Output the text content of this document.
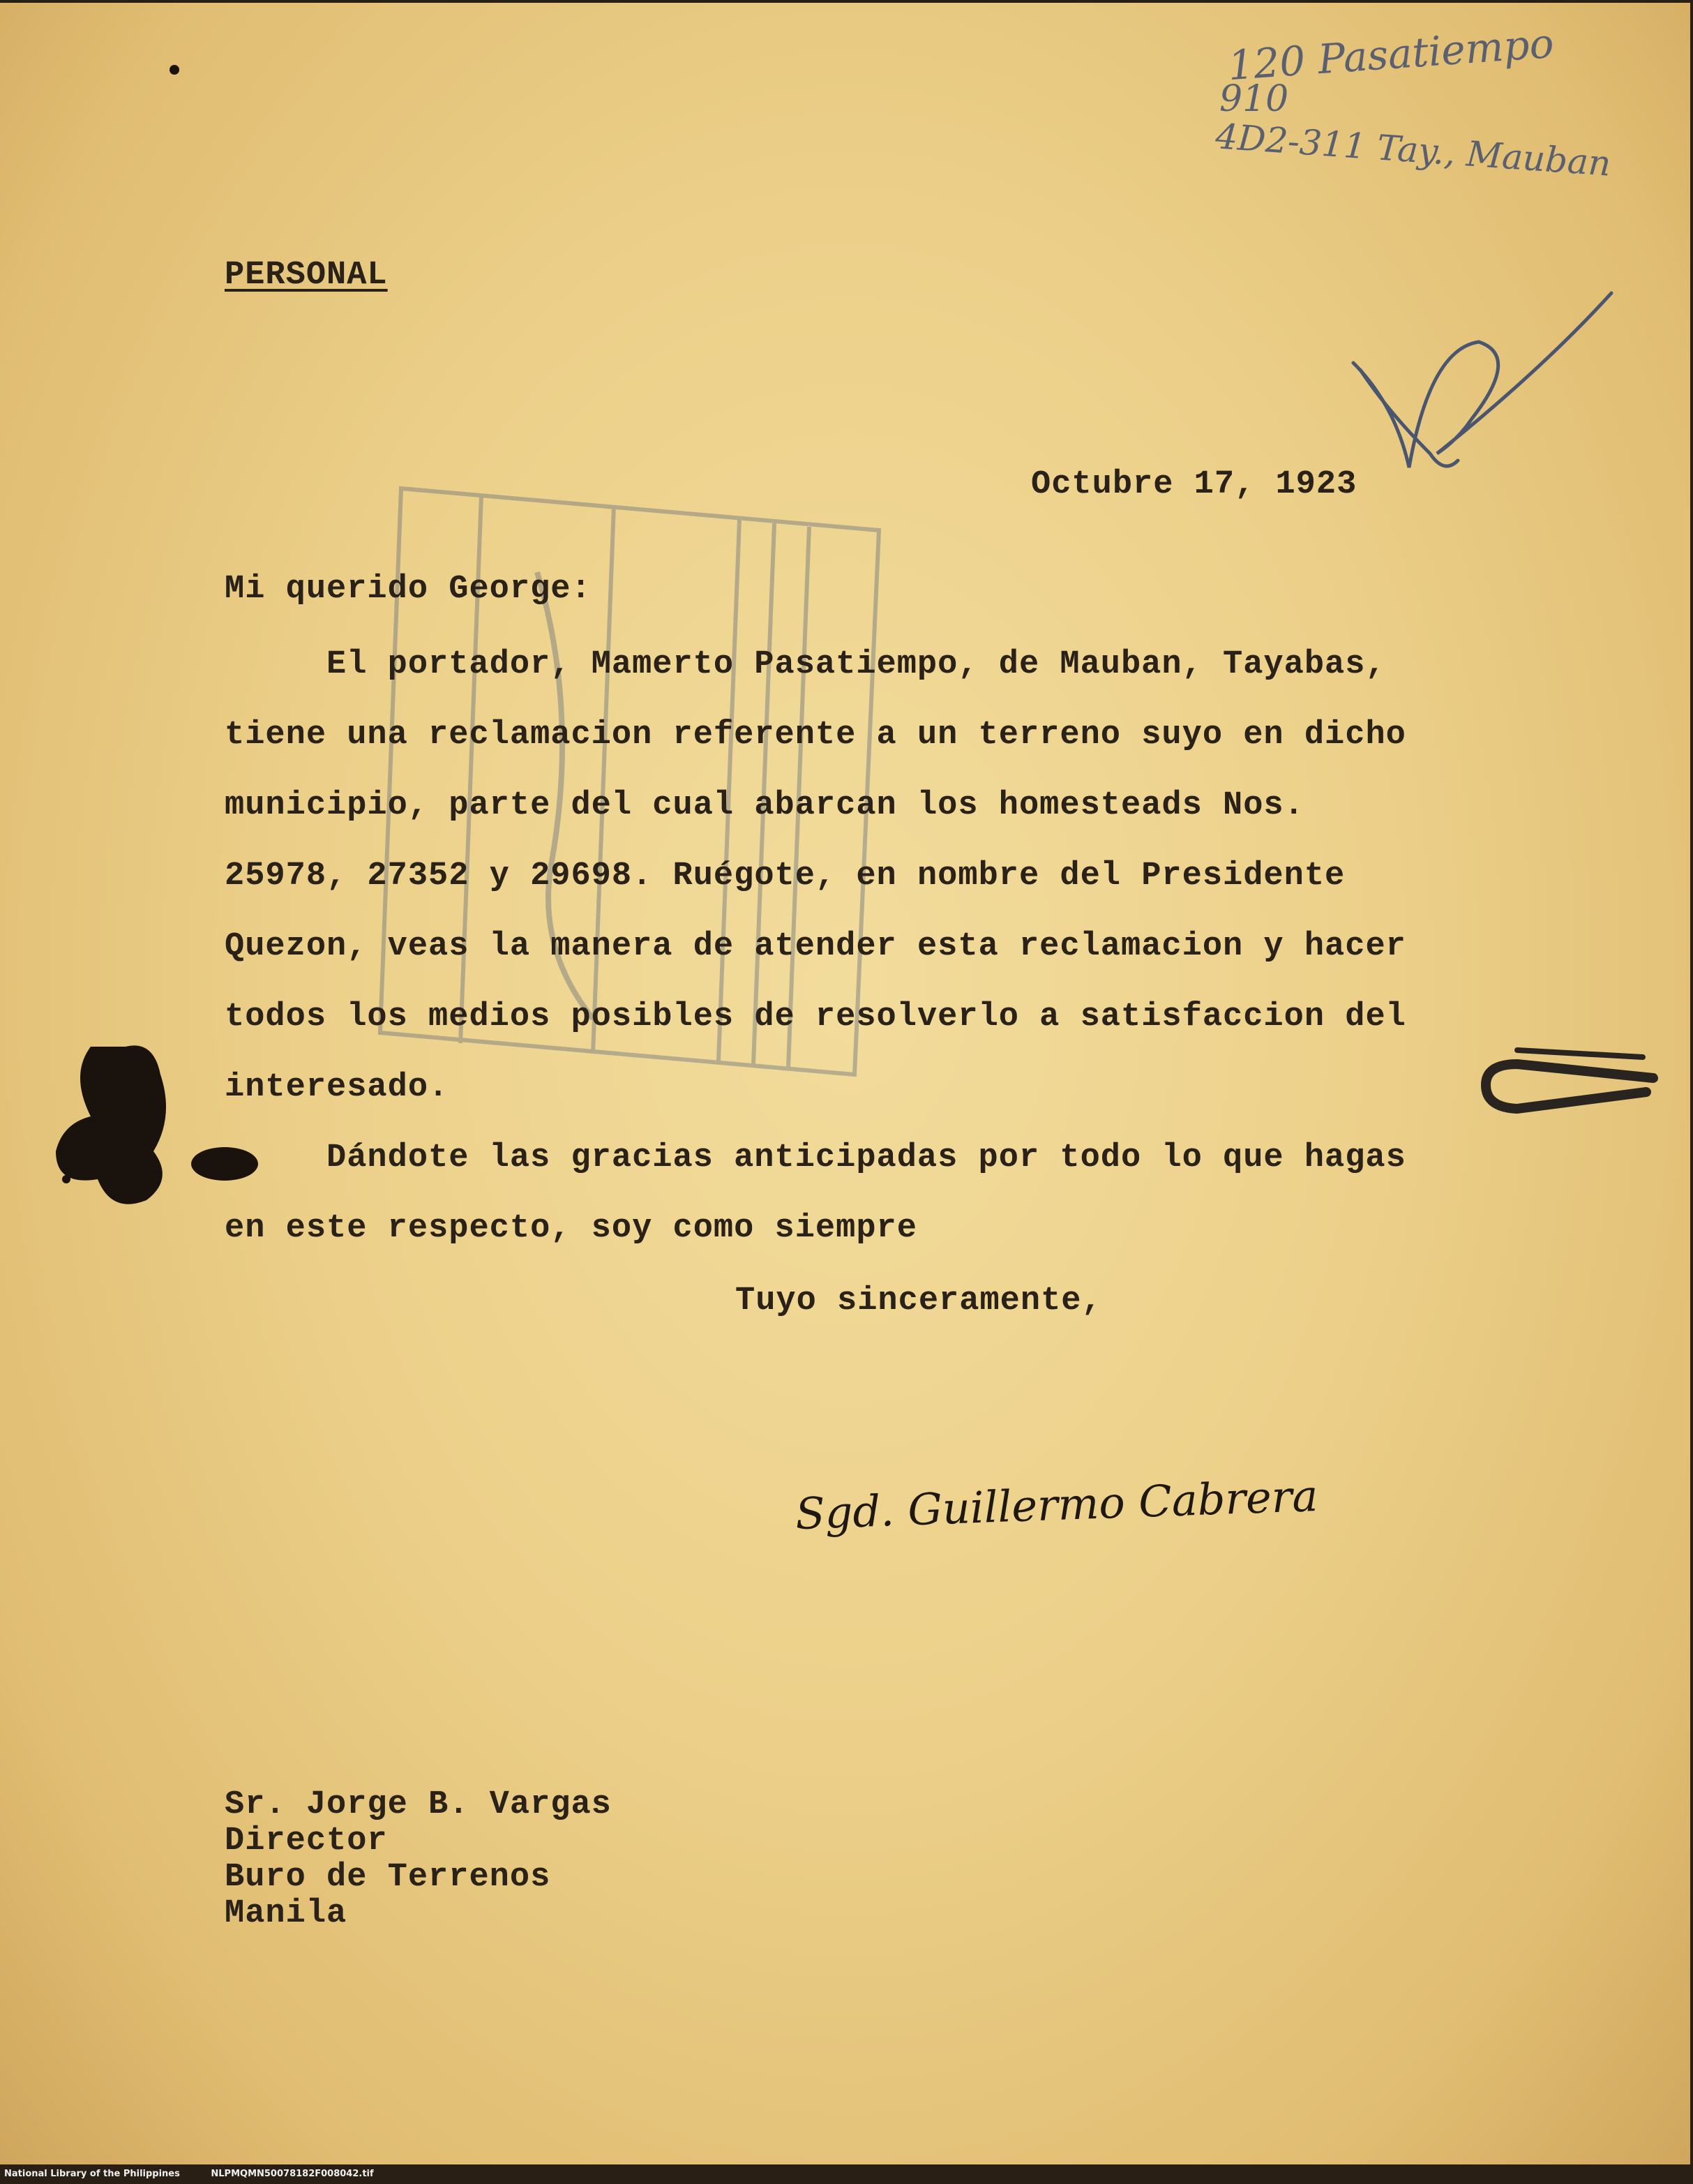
120 Pasatiempo
910
4D2-311 Tay., Mauban
PERSONAL
Octubre 17, 1923
Mi querido George:
El portador, Mamerto Pasatiempo, de Mauban, Tayabas,
tiene una reclamacion referente a un terreno suyo en dicho
municipio, parte del cual abarcan los homesteads Nos.
25978, 27352 y 29698. Ruégote, en nombre del Presidente
Quezon, veas la manera de atender esta reclamacion y hacer
todos los medios posibles de resolverlo a satisfaccion del
interesado.
Dándote las gracias anticipadas por todo lo que hagas
en este respecto, soy como siempre
Tuyo sinceramente,
Sgd. Guillermo Cabrera
Sr. Jorge B. Vargas
Director
Buro de Terrenos
Manila
National Library of the Philippines	NLPMQMN50078182F008042.tif
